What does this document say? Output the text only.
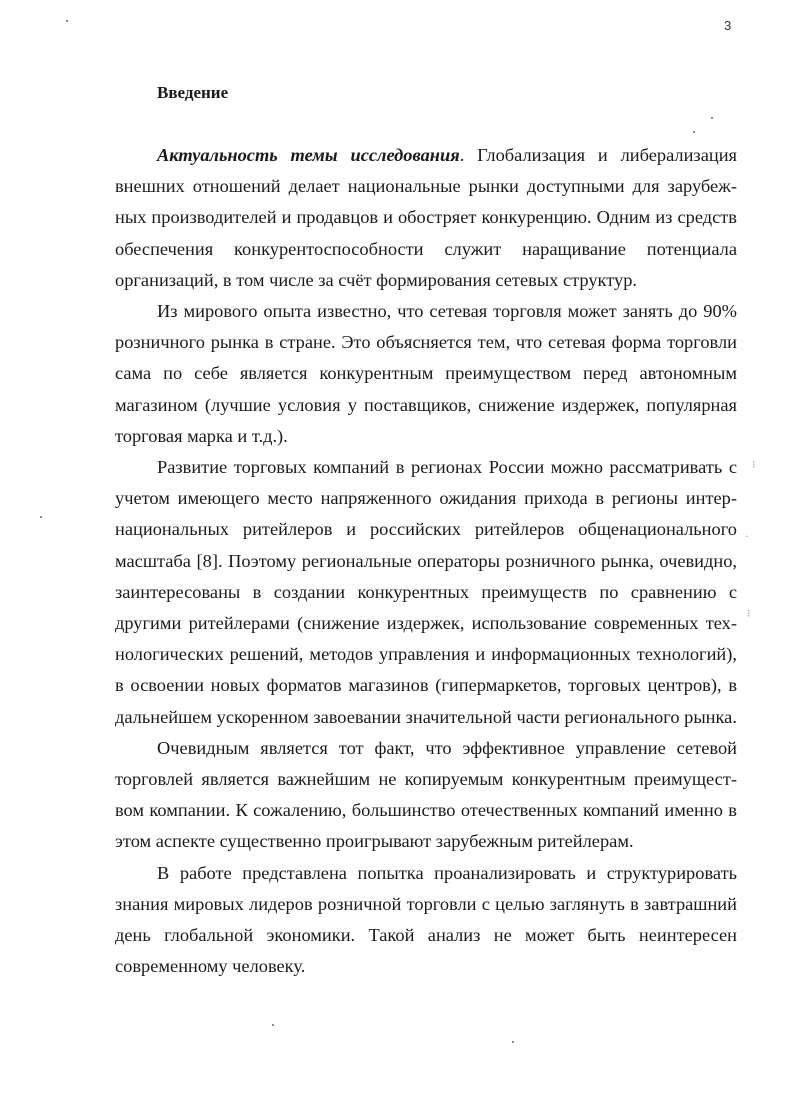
3
Введение

Актуальность темы исследования. Глобализация и либерализация внешних отношений делает национальные рынки доступными для зарубежных производителей и продавцов и обостряет конкуренцию. Одним из средств обеспечения конкурентоспособности служит наращивание потенциала организаций, в том числе за счёт формирования сетевых структур.

Из мирового опыта известно, что сетевая торговля может занять до 90% розничного рынка в стране. Это объясняется тем, что сетевая форма торговли сама по себе является конкурентным преимуществом перед автономным магазином (лучшие условия у поставщиков, снижение издержек, популярная торговая марка и т.д.).

Развитие торговых компаний в регионах России можно рассматривать с учетом имеющего место напряженного ожидания прихода в регионы интернациональных ритейлеров и российских ритейлеров общенационального масштаба [8]. Поэтому региональные операторы розничного рынка, очевидно, заинтересованы в создании конкурентных преимуществ по сравнению с другими ритейлерами (снижение издержек, использование современных технологических решений, методов управления и информационных технологий), в освоении новых форматов магазинов (гипермаркетов, торговых центров), в дальнейшем ускоренном завоевании значительной части регионального рынка.

Очевидным является тот факт, что эффективное управление сетевой торговлей является важнейшим не копируемым конкурентным преимуществом компании. К сожалению, большинство отечественных компаний именно в этом аспекте существенно проигрывают зарубежным ритейлерам.

В работе представлена попытка проанализировать и структурировать знания мировых лидеров розничной торговли с целью заглянуть в завтрашний день глобальной экономики. Такой анализ не может быть неинтересен современному человеку.

⁝
·
⁝
